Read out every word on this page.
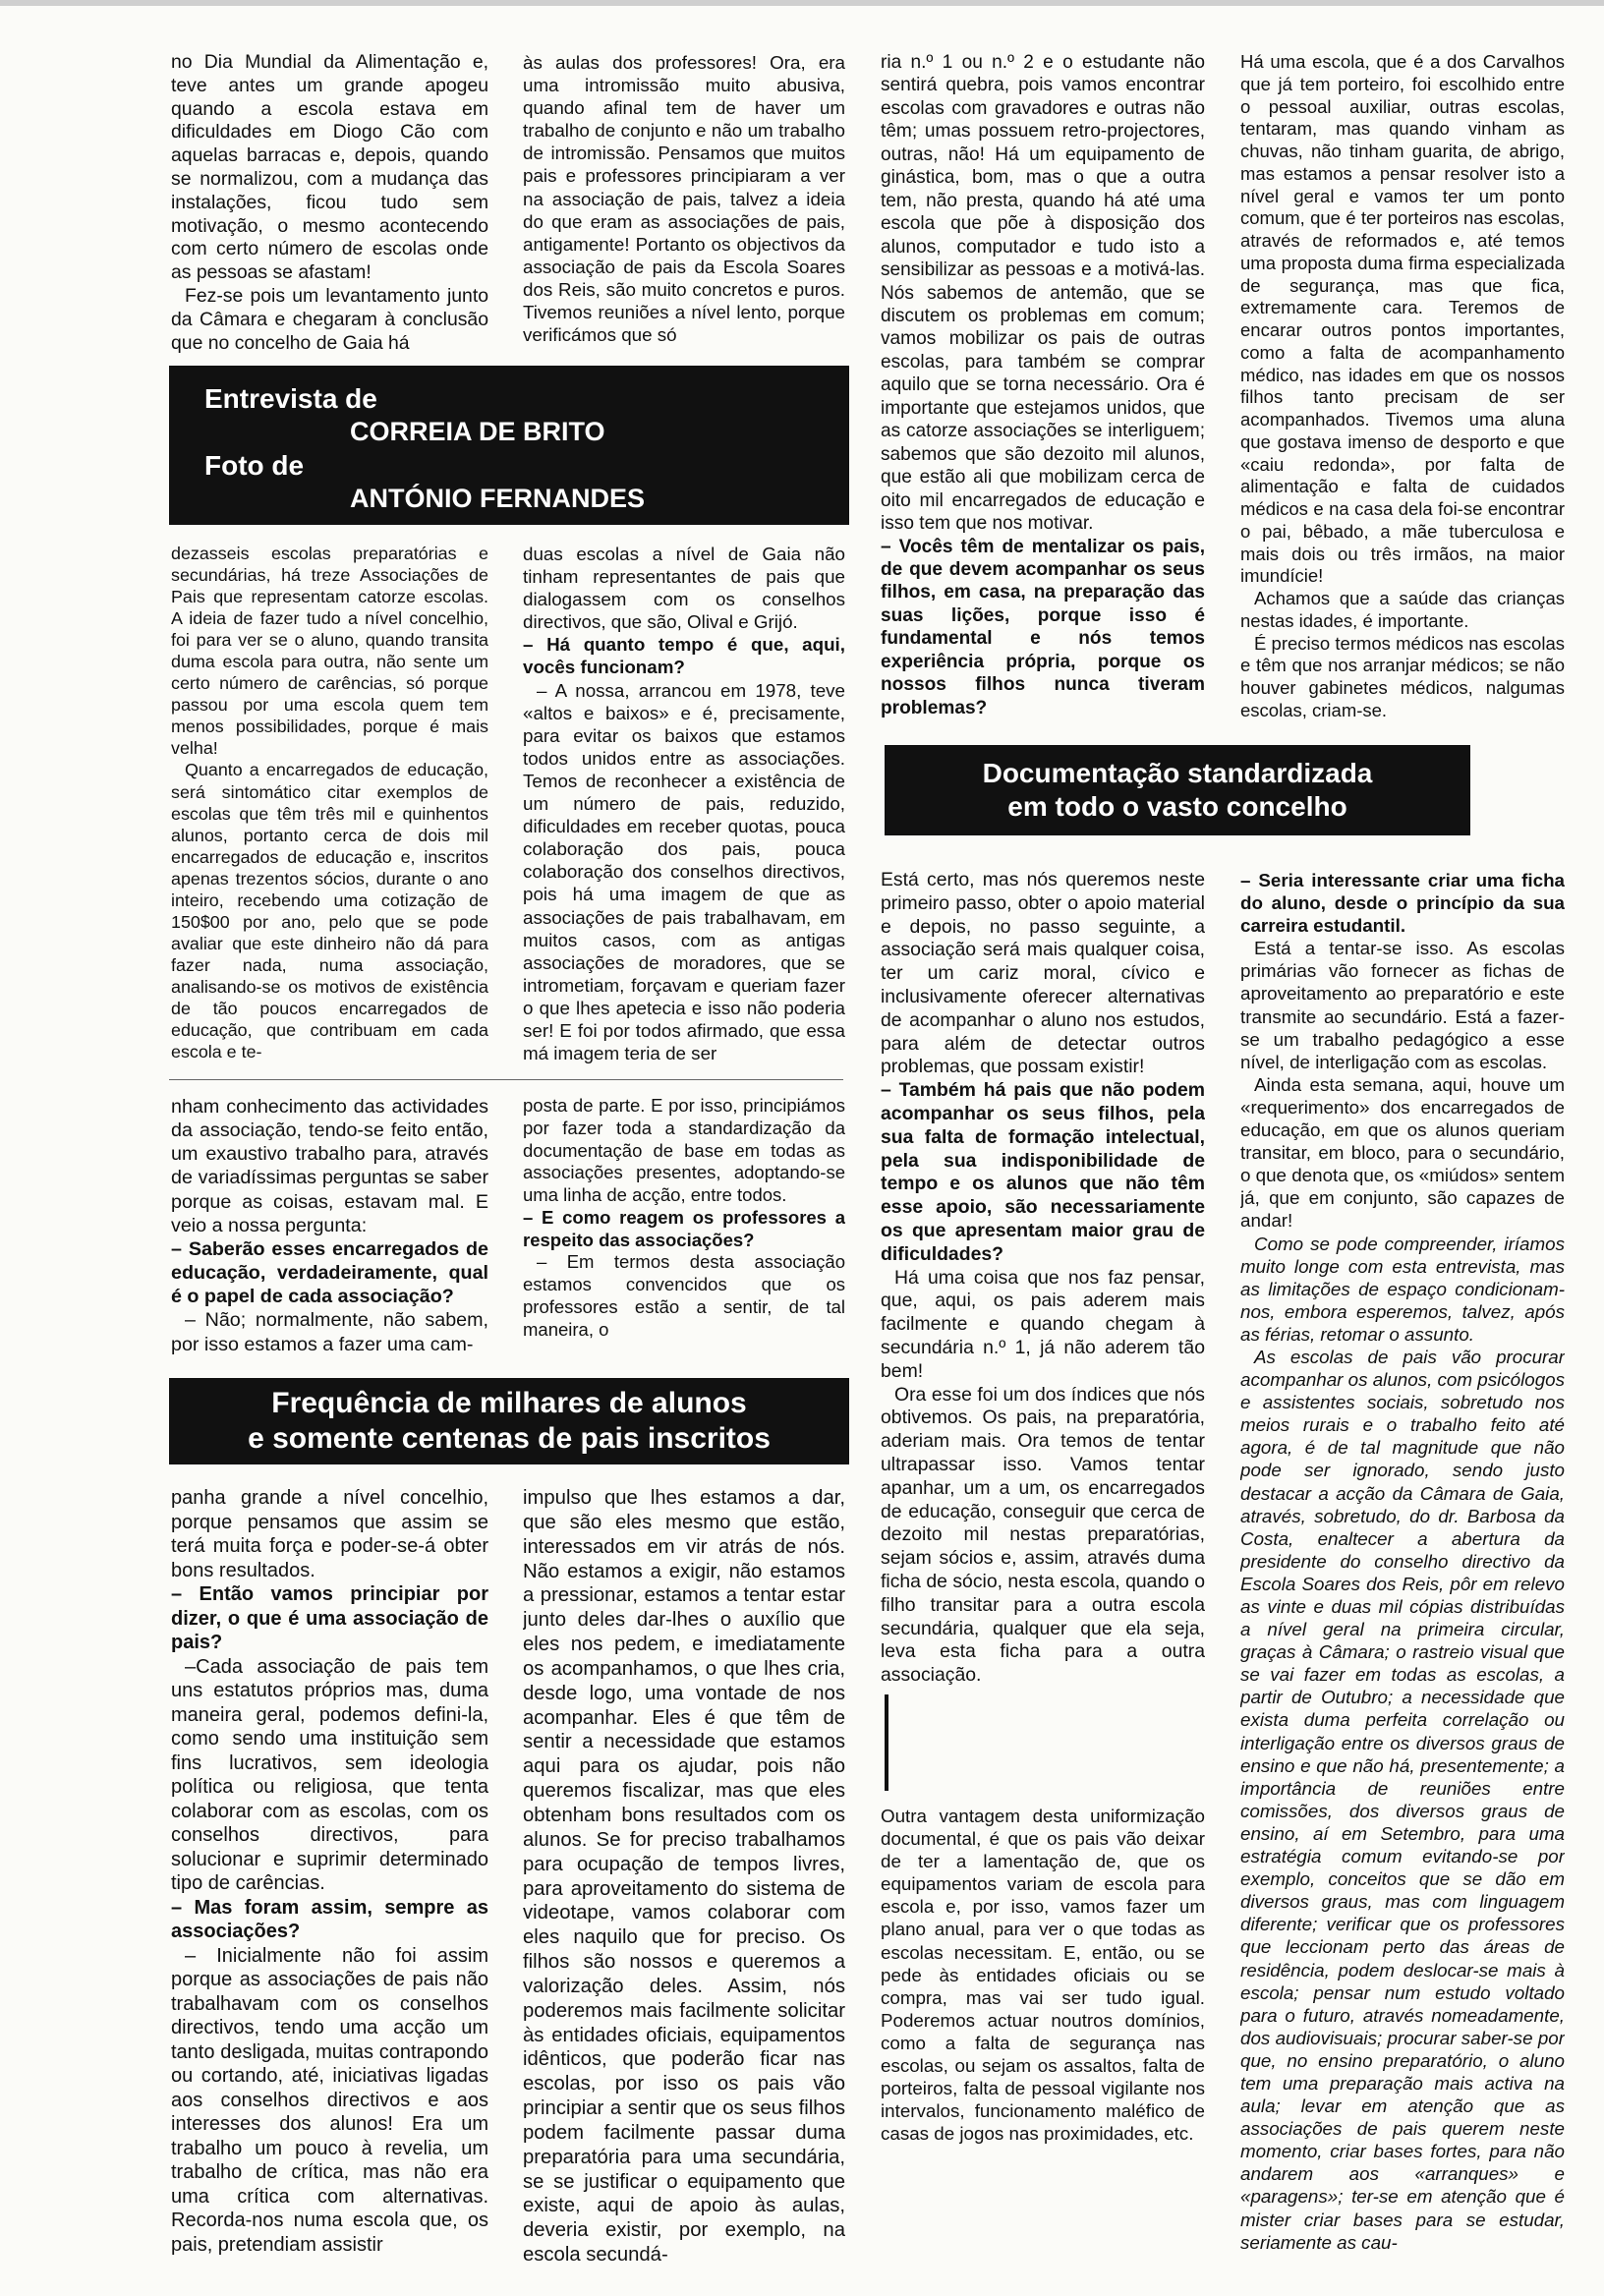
no Dia Mundial da Alimentação e, teve antes um grande apogeu quando a escola estava em dificuldades em Diogo Cão com aquelas barracas e, depois, quando se normalizou, com a mudança das instalações, ficou tudo sem motivação, o mesmo acontecendo com certo número de escolas onde as pessoas se afastam!

Fez-se pois um levantamento junto da Câmara e chegaram à conclusão que no concelho de Gaia há

às aulas dos professores! Ora, era uma intromissão muito abusiva, quando afinal tem de haver um trabalho de conjunto e não um trabalho de intromissão. Pensamos que muitos pais e professores principiaram a ver na associação de pais, talvez a ideia do que eram as associações de pais, antigamente! Portanto os objectivos da associação de pais da Escola Soares dos Reis, são muito concretos e puros. Tivemos reuniões a nível lento, porque verificámos que só

Entrevista de
CORREIA DE BRITO
Foto de
ANTÓNIO FERNANDES

dezasseis escolas preparatórias e secundárias, há treze Associações de Pais que representam catorze escolas. A ideia de fazer tudo a nível concelhio, foi para ver se o aluno, quando transita duma escola para outra, não sente um certo número de carências, só porque passou por uma escola quem tem menos possibilidades, porque é mais velha!

Quanto a encarregados de educação, será sintomático citar exemplos de escolas que têm três mil e quinhentos alunos, portanto cerca de dois mil encarregados de educação e, inscritos apenas trezentos sócios, durante o ano inteiro, recebendo uma cotização de 150$00 por ano, pelo que se pode avaliar que este dinheiro não dá para fazer nada, numa associação, analisando-se os motivos de existência de tão poucos encarregados de educação, que contribuam em cada escola e te-

duas escolas a nível de Gaia não tinham representantes de pais que dialogassem com os conselhos directivos, que são, Olival e Grijó.

– Há quanto tempo é que, aqui, vocês funcionam?

– A nossa, arrancou em 1978, teve «altos e baixos» e é, precisamente, para evitar os baixos que estamos todos unidos entre as associações. Temos de reconhecer a existência de um número de pais, reduzido, dificuldades em receber quotas, pouca colaboração dos pais, pouca colaboração dos conselhos directivos, pois há uma imagem de que as associações de pais trabalhavam, em muitos casos, com as antigas associações de moradores, que se intrometiam, forçavam e queriam fazer o que lhes apetecia e isso não poderia ser! E foi por todos afirmado, que essa má imagem teria de ser

nham conhecimento das actividades da associação, tendo-se feito então, um exaustivo trabalho para, através de variadíssimas perguntas se saber porque as coisas, estavam mal. E veio a nossa pergunta:

– Saberão esses encarregados de educação, verdadeiramente, qual é o papel de cada associação?

– Não; normalmente, não sabem, por isso estamos a fazer uma cam-

posta de parte. E por isso, principiámos por fazer toda a standardização da documentação de base em todas as associações presentes, adoptando-se uma linha de acção, entre todos.

– E como reagem os professores a respeito das associações?

– Em termos desta associação estamos convencidos que os professores estão a sentir, de tal maneira, o

Frequência de milhares de alunos
e somente centenas de pais inscritos

panha grande a nível concelhio, porque pensamos que assim se terá muita força e poder-se-á obter bons resultados.

– Então vamos principiar por dizer, o que é uma associação de pais?

–Cada associação de pais tem uns estatutos próprios mas, duma maneira geral, podemos defini-la, como sendo uma instituição sem fins lucrativos, sem ideologia política ou religiosa, que tenta colaborar com as escolas, com os conselhos directivos, para solucionar e suprimir determinado tipo de carências.

– Mas foram assim, sempre as associações?

– Inicialmente não foi assim porque as associações de pais não trabalhavam com os conselhos directivos, tendo uma acção um tanto desligada, muitas contrapondo ou cortando, até, iniciativas ligadas aos conselhos directivos e aos interesses dos alunos! Era um trabalho um pouco à revelia, um trabalho de crítica, mas não era uma crítica com alternativas. Recorda-nos numa escola que, os pais, pretendiam assistir

impulso que lhes estamos a dar, que são eles mesmo que estão, interessados em vir atrás de nós. Não estamos a exigir, não estamos a pressionar, estamos a tentar estar junto deles dar-lhes o auxílio que eles nos pedem, e imediatamente os acompanhamos, o que lhes cria, desde logo, uma vontade de nos acompanhar. Eles é que têm de sentir a necessidade que estamos aqui para os ajudar, pois não queremos fiscalizar, mas que eles obtenham bons resultados com os alunos. Se for preciso trabalhamos para ocupação de tempos livres, para aproveitamento do sistema de videotape, vamos colaborar com eles naquilo que for preciso. Os filhos são nossos e queremos a valorização deles. Assim, nós poderemos mais facilmente solicitar às entidades oficiais, equipamentos idênticos, que poderão ficar nas escolas, por isso os pais vão principiar a sentir que os seus filhos podem facilmente passar duma preparatória para uma secundária, se se justificar o equipamento que existe, aqui de apoio às aulas, deveria existir, por exemplo, na escola secundá-

ria n.º 1 ou n.º 2 e o estudante não sentirá quebra, pois vamos encontrar escolas com gravadores e outras não têm; umas possuem retro-projectores, outras, não! Há um equipamento de ginástica, bom, mas o que a outra tem, não presta, quando há até uma escola que põe à disposição dos alunos, computador e tudo isto a sensibilizar as pessoas e a motivá-las. Nós sabemos de antemão, que se discutem os problemas em comum; vamos mobilizar os pais de outras escolas, para também se comprar aquilo que se torna necessário. Ora é importante que estejamos unidos, que as catorze associações se interliguem; sabemos que são dezoito mil alunos, que estão ali que mobilizam cerca de oito mil encarregados de educação e isso tem que nos motivar.

– Vocês têm de mentalizar os pais, de que devem acompanhar os seus filhos, em casa, na preparação das suas lições, porque isso é fundamental e nós temos experiência própria, porque os nossos filhos nunca tiveram problemas?

Há uma escola, que é a dos Carvalhos que já tem porteiro, foi escolhido entre o pessoal auxiliar, outras escolas, tentaram, mas quando vinham as chuvas, não tinham guarita, de abrigo, mas estamos a pensar resolver isto a nível geral e vamos ter um ponto comum, que é ter porteiros nas escolas, através de reformados e, até temos uma proposta duma firma especializada de segurança, mas que fica, extremamente cara. Teremos de encarar outros pontos importantes, como a falta de acompanhamento médico, nas idades em que os nossos filhos tanto precisam de ser acompanhados. Tivemos uma aluna que gostava imenso de desporto e que «caiu redonda», por falta de alimentação e falta de cuidados médicos e na casa dela foi-se encontrar o pai, bêbado, a mãe tuberculosa e mais dois ou três irmãos, na maior imundície!

Achamos que a saúde das crianças nestas idades, é importante.

É preciso termos médicos nas escolas e têm que nos arranjar médicos; se não houver gabinetes médicos, nalgumas escolas, criam-se.

Documentação standardizada
em todo o vasto concelho

Está certo, mas nós queremos neste primeiro passo, obter o apoio material e depois, no passo seguinte, a associação será mais qualquer coisa, ter um cariz moral, cívico e inclusivamente oferecer alternativas de acompanhar o aluno nos estudos, para além de detectar outros problemas, que possam existir!

– Também há pais que não podem acompanhar os seus filhos, pela sua falta de formação intelectual, pela sua indisponibilidade de tempo e os alunos que não têm esse apoio, são necessariamente os que apresentam maior grau de dificuldades?

Há uma coisa que nos faz pensar, que, aqui, os pais aderem mais facilmente e quando chegam à secundária n.º 1, já não aderem tão bem!

Ora esse foi um dos índices que nós obtivemos. Os pais, na preparatória, aderiam mais. Ora temos de tentar ultrapassar isso. Vamos tentar apanhar, um a um, os encarregados de educação, conseguir que cerca de dezoito mil nestas preparatórias, sejam sócios e, assim, através duma ficha de sócio, nesta escola, quando o filho transitar para a outra escola secundária, qualquer que ela seja, leva esta ficha para a outra associação.

Outra vantagem desta uniformização documental, é que os pais vão deixar de ter a lamentação de, que os equipamentos variam de escola para escola e, por isso, vamos fazer um plano anual, para ver o que todas as escolas necessitam. E, então, ou se pede às entidades oficiais ou se compra, mas vai ser tudo igual. Poderemos actuar noutros domínios, como a falta de segurança nas escolas, ou sejam os assaltos, falta de porteiros, falta de pessoal vigilante nos intervalos, funcionamento maléfico de casas de jogos nas proximidades, etc.

– Seria interessante criar uma ficha do aluno, desde o princípio da sua carreira estudantil.

Está a tentar-se isso. As escolas primárias vão fornecer as fichas de aproveitamento ao preparatório e este transmite ao secundário. Está a fazer-se um trabalho pedagógico a esse nível, de interligação com as escolas.

Ainda esta semana, aqui, houve um «requerimento» dos encarregados de educação, em que os alunos queriam transitar, em bloco, para o secundário, o que denota que, os «miúdos» sentem já, que em conjunto, são capazes de andar!

Como se pode compreender, iríamos muito longe com esta entrevista, mas as limitações de espaço condicionam-nos, embora esperemos, talvez, após as férias, retomar o assunto.

As escolas de pais vão procurar acompanhar os alunos, com psicólogos e assistentes sociais, sobretudo nos meios rurais e o trabalho feito até agora, é de tal magnitude que não pode ser ignorado, sendo justo destacar a acção da Câmara de Gaia, através, sobretudo, do dr. Barbosa da Costa, enaltecer a abertura da presidente do conselho directivo da Escola Soares dos Reis, pôr em relevo as vinte e duas mil cópias distribuídas a nível geral na primeira circular, graças à Câmara; o rastreio visual que se vai fazer em todas as escolas, a partir de Outubro; a necessidade que exista duma perfeita correlação ou interligação entre os diversos graus de ensino e que não há, presentemente; a importância de reuniões entre comissões, dos diversos graus de ensino, aí em Setembro, para uma estratégia comum evitando-se por exemplo, conceitos que se dão em diversos graus, mas com linguagem diferente; verificar que os professores que leccionam perto das áreas de residência, podem deslocar-se mais à escola; pensar num estudo voltado para o futuro, através nomeadamente, dos audiovisuais; procurar saber-se por que, no ensino preparatório, o aluno tem uma preparação mais activa na aula; levar em atenção que as associações de pais querem neste momento, criar bases fortes, para não andarem aos «arranques» e «paragens»; ter-se em atenção que é mister criar bases para se estudar, seriamente as cau-
